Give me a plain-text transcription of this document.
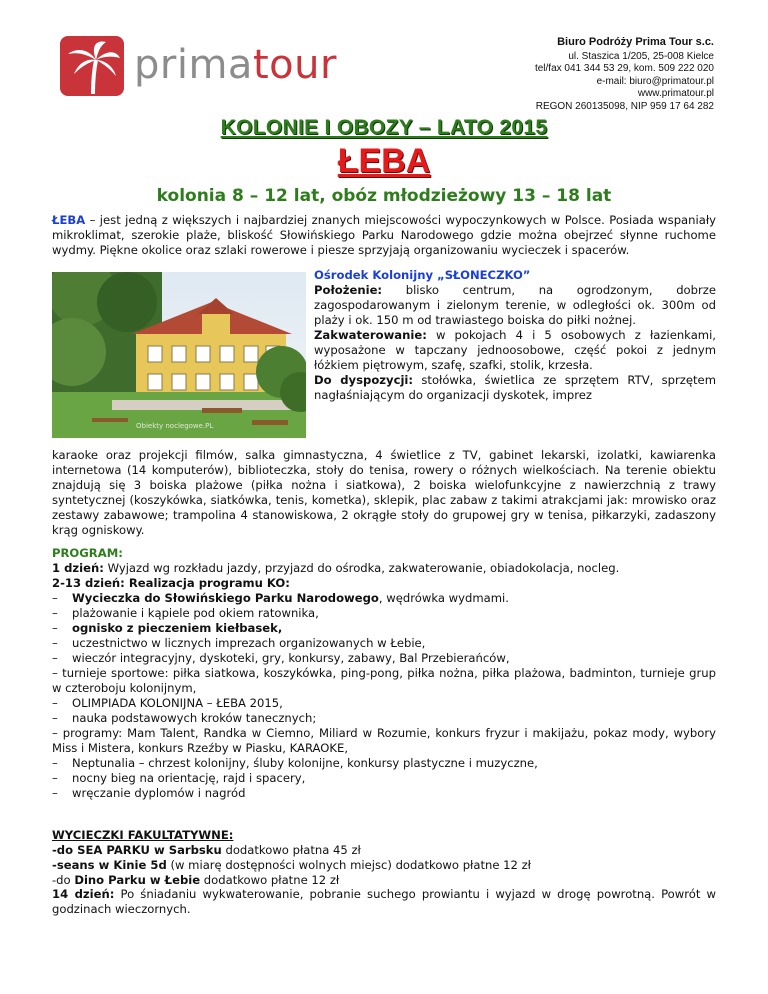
primatour	Biuro Podróży Prima Tour s.c.
ul. Staszica 1/205, 25-008 Kielce
tel/fax 041 344 53 29, kom. 509 222 020
e-mail: biuro@primatour.pl
www.primatour.pl
REGON 260135098, NIP 959 17 64 282
KOLONIE I OBOZY – LATO 2015
ŁEBA
kolonia 8 – 12 lat, obóz młodzieżowy 13 – 18 lat
ŁEBA – jest jedną z większych i najbardziej znanych miejscowości wypoczynkowych w Polsce. Posiada wspaniały mikroklimat, szerokie plaże, bliskość Słowińskiego Parku Narodowego gdzie można obejrzeć słynne ruchome wydmy. Piękne okolice oraz szlaki rowerowe i piesze sprzyjają organizowaniu wycieczek i spacerów.
Obiekty noclegowe.PL
Ośrodek Kolonijny „SŁONECZKO”
Położenie: blisko centrum, na ogrodzonym, dobrze zagospodarowanym i zielonym terenie, w odległości ok. 300m od plaży i ok. 150 m od trawiastego boiska do piłki nożnej.
Zakwaterowanie: w pokojach 4 i 5 osobowych z łazienkami, wyposażone w tapczany jednoosobowe, część pokoi z jednym łóżkiem piętrowym, szafę, szafki, stolik, krzesła.
Do dyspozycji: stołówka, świetlica ze sprzętem RTV, sprzętem nagłaśniającym do organizacji dyskotek, imprez
karaoke oraz projekcji filmów, salka gimnastyczna, 4 świetlice z TV, gabinet lekarski, izolatki, kawiarenka internetowa (14 komputerów), biblioteczka, stoły do tenisa, rowery o różnych wielkościach. Na terenie obiektu znajdują się 3 boiska plażowe (piłka nożna i siatkowa), 2 boiska wielofunkcyjne z nawierzchnią z trawy syntetycznej (koszykówka, siatkówka, tenis, kometka), sklepik, plac zabaw z takimi atrakcjami jak: mrowisko oraz zestawy zabawowe; trampolina 4 stanowiskowa, 2 okrągłe stoły do grupowej gry w tenisa, piłkarzyki, zadaszony krąg ogniskowy.
PROGRAM:
1 dzień: Wyjazd wg rozkładu jazdy, przyjazd do ośrodka, zakwaterowanie, obiadokolacja, nocleg.
2-13 dzień: Realizacja programu KO:
– Wycieczka do Słowińskiego Parku Narodowego, wędrówka wydmami.
– plażowanie i kąpiele pod okiem ratownika,
– ognisko z pieczeniem kiełbasek,
– uczestnictwo w licznych imprezach organizowanych w Łebie,
– wieczór integracyjny, dyskoteki, gry, konkursy, zabawy, Bal Przebierańców,
– turnieje sportowe: piłka siatkowa, koszykówka, ping-pong, piłka nożna, piłka plażowa, badminton, turnieje grup w czteroboju kolonijnym,
– OLIMPIADA KOLONIJNA – ŁEBA 2015,
– nauka podstawowych kroków tanecznych;
– programy: Mam Talent, Randka w Ciemno, Miliard w Rozumie, konkurs fryzur i makijażu, pokaz mody, wybory Miss i Mistera, konkurs Rzeźby w Piasku, KARAOKE,
– Neptunalia – chrzest kolonijny, śluby kolonijne, konkursy plastyczne i muzyczne,
– nocny bieg na orientację, rajd i spacery,
– wręczanie dyplomów i nagród
WYCIECZKI FAKULTATYWNE:
-do SEA PARKU w Sarbsku dodatkowo płatna 45 zł
-seans w Kinie 5d (w miarę dostępności wolnych miejsc) dodatkowo płatne 12 zł
-do Dino Parku w Łebie dodatkowo płatne 12 zł
14 dzień: Po śniadaniu wykwaterowanie, pobranie suchego prowiantu i wyjazd w drogę powrotną. Powrót w godzinach wieczornych.
